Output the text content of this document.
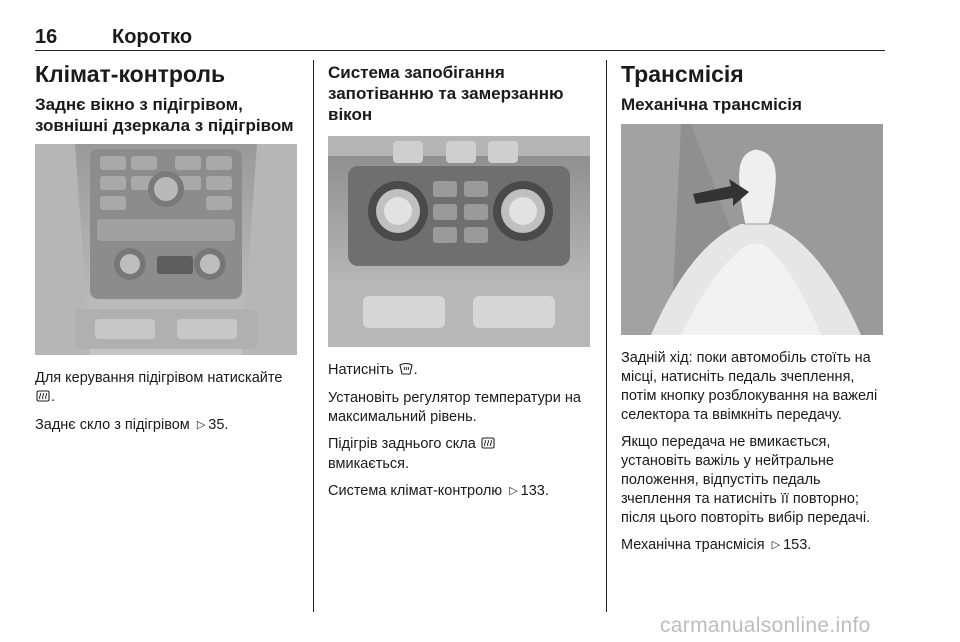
16	Коротко
Клімат-контроль
Заднє вікно з підігрівом, зовнішні дзеркала з підігрівом

Для керування підігрівом натискайте .

Заднє скло з підігрівом ▷ 35.

Система запобігання запотіванню та замерзанню вікон

Натисніть .

Установіть регулятор температури на максимальний рівень.

Підігрів заднього скла
вмикається.

Система клімат-контролю ▷ 133.

Трансмісія
Механічна трансмісія

Задній хід: поки автомобіль стоїть на місці, натисніть педаль зчеплення, потім кнопку розблокування на важелі селектора та ввімкніть передачу.

Якщо передача не вмикається, установіть важіль у нейтральне положення, відпустіть педаль зчеплення та натисніть її повторно; після цього повторіть вибір передачі.

Механічна трансмісія ▷ 153.

carmanualsonline.info
